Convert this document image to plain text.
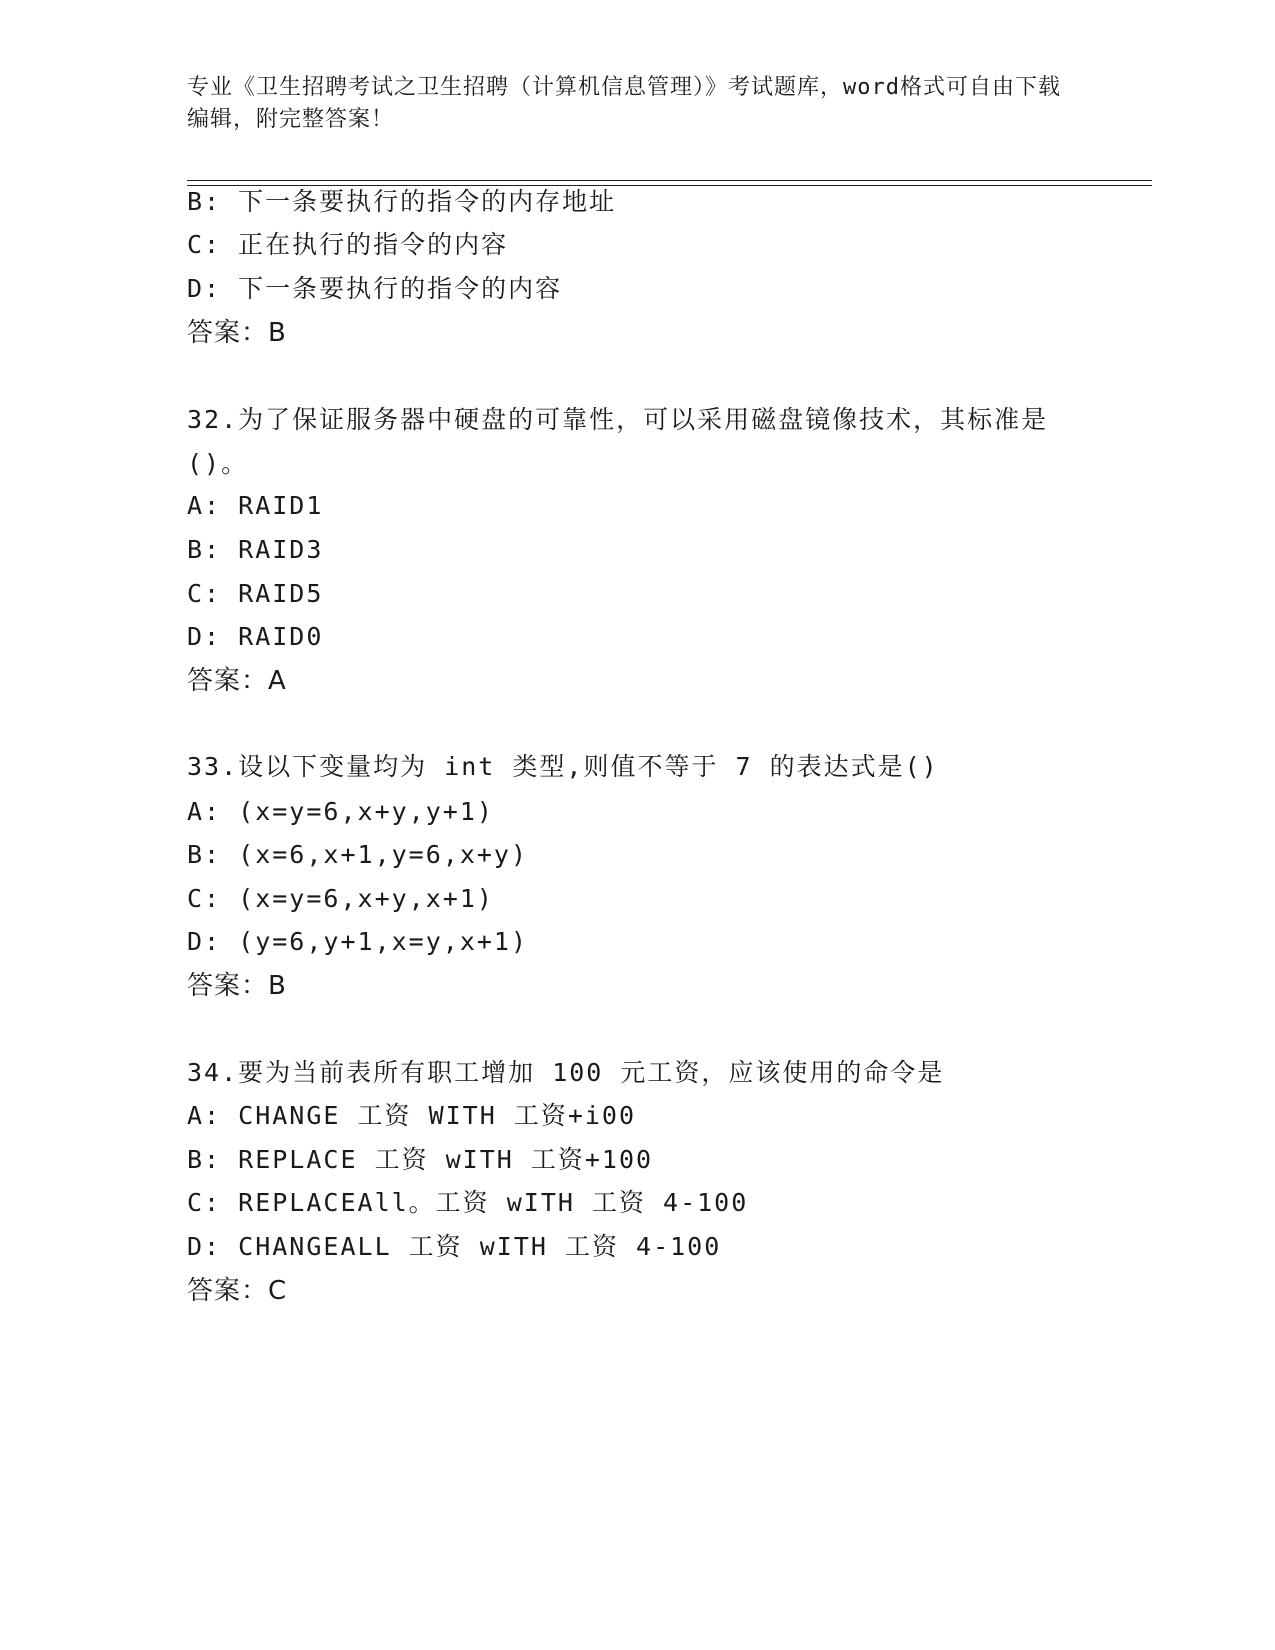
专业《卫生招聘考试之卫生招聘（计算机信息管理）》考试题库，word格式可自由下载编辑，附完整答案！
B: 下一条要执行的指令的内存地址
C: 正在执行的指令的内容
D: 下一条要执行的指令的内容
答案：B
32.为了保证服务器中硬盘的可靠性，可以采用磁盘镜像技术，其标准是()。
A: RAID1
B: RAID3
C: RAID5
D: RAID0
答案：A
33.设以下变量均为 int 类型,则值不等于 7 的表达式是()
A: (x=y=6,x+y,y+1)
B: (x=6,x+1,y=6,x+y)
C: (x=y=6,x+y,x+1)
D: (y=6,y+1,x=y,x+1)
答案：B
34.要为当前表所有职工增加 100 元工资，应该使用的命令是
A: CHANGE 工资 WITH 工资+i00
B: REPLACE 工资 wITH 工资+100
C: REPLACEAll。工资 wITH 工资 4-100
D: CHANGEALL 工资 wITH 工资 4-100
答案：C
